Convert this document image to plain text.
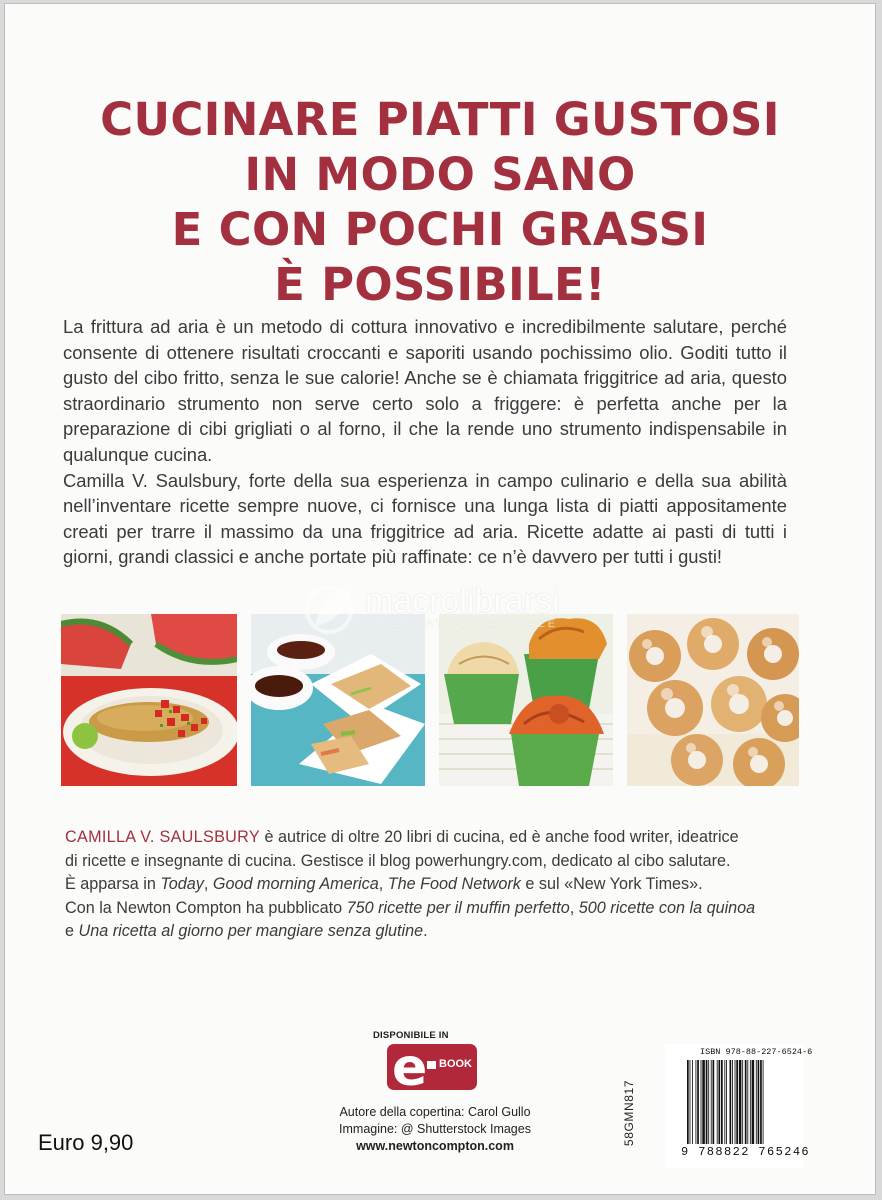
CUCINARE PIATTI GUSTOSI
IN MODO SANO
E CON POCHI GRASSI
È POSSIBILE!

La frittura ad aria è un metodo di cottura innovativo e incredibilmente salutare, perché consente di ottenere risultati croccanti e saporiti usando pochissimo olio. Goditi tutto il gusto del cibo fritto, senza le sue calorie! Anche se è chiamata friggitrice ad aria, questo straordinario strumento non serve certo solo a friggere: è perfetta anche per la preparazione di cibi grigliati o al forno, il che la rende uno strumento indispensabile in qualunque cucina.

Camilla V. Saulsbury, forte della sua esperienza in campo culinario e della sua abilità nell’inventare ricette sempre nuove, ci fornisce una lunga lista di piatti appositamente creati per trarre il massimo da una friggitrice ad aria. Ricette adatte ai pasti di tutti i giorni, grandi classici e anche portate più raffinate: ce n’è davvero per tutti i gusti!

macrolibrarsi
ALTERNATIVA NATURALE
CAMILLA V. SAULSBURY è autrice di oltre 20 libri di cucina, ed è anche food writer, ideatrice
di ricette e insegnante di cucina. Gestisce il blog powerhungry.com, dedicato al cibo salutare.
È apparsa in Today, Good morning America, The Food Network e sul «New York Times».
Con la Newton Compton ha pubblicato 750 ricette per il muffin perfetto, 500 ricette con la quinoa
e Una ricetta al giorno per mangiare senza glutine.
DISPONIBILE IN
e BOOK
Autore della copertina: Carol Gullo
Immagine: @ Shutterstock Images
www.newtoncompton.com
Euro 9,90	58GMN817
ISBN 978-88-227-6524-6
9 788822 765246
